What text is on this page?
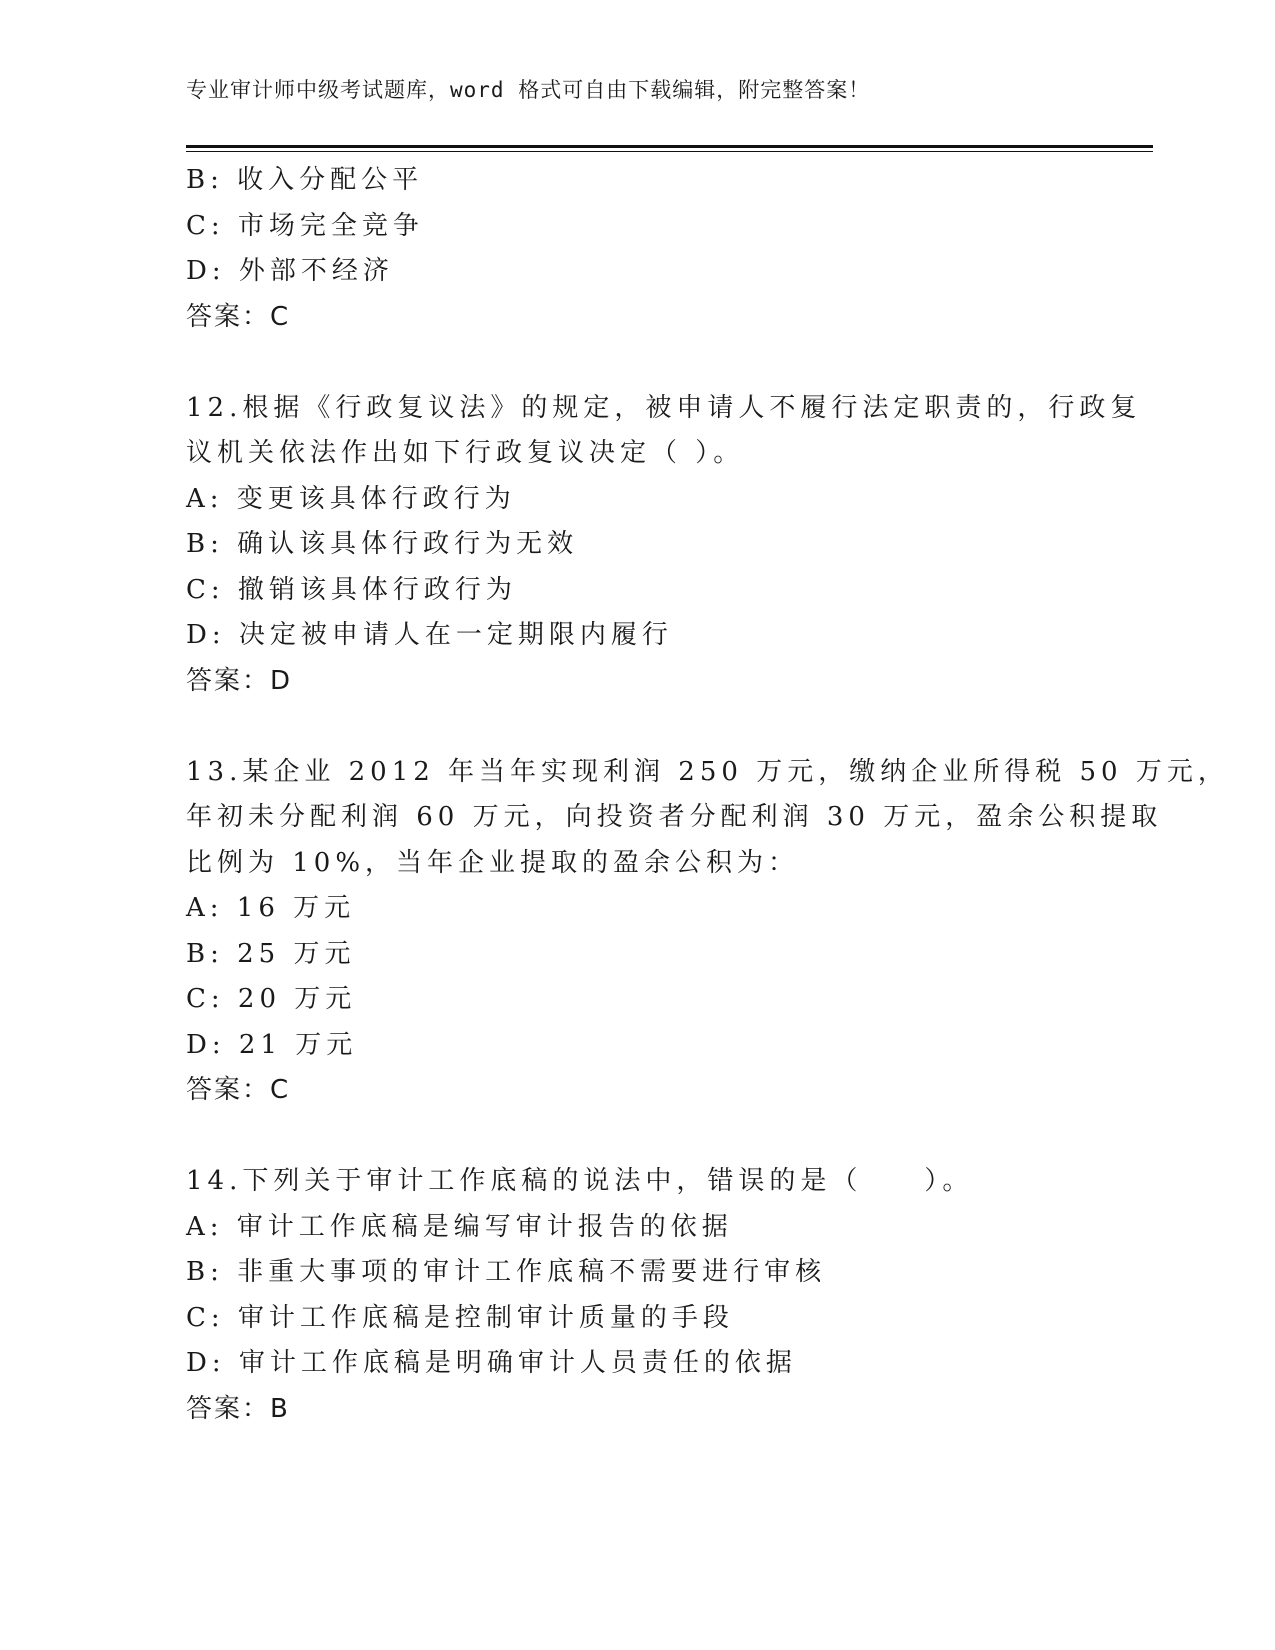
专业审计师中级考试题库，word 格式可自由下载编辑，附完整答案！
B: 收入分配公平
C: 市场完全竞争
D: 外部不经济
答案：C
12.根据《行政复议法》的规定，被申请人不履行法定职责的，行政复
议机关依法作出如下行政复议决定（ ）。
A: 变更该具体行政行为
B: 确认该具体行政行为无效
C: 撤销该具体行政行为
D: 决定被申请人在一定期限内履行
答案：D
13.某企业 2012 年当年实现利润 250 万元，缴纳企业所得税 50 万元，
年初未分配利润 60 万元，向投资者分配利润 30 万元，盈余公积提取
比例为 10%，当年企业提取的盈余公积为：
A: 16 万元
B: 25 万元
C: 20 万元
D: 21 万元
答案：C
14.下列关于审计工作底稿的说法中，错误的是（　　）。
A: 审计工作底稿是编写审计报告的依据
B: 非重大事项的审计工作底稿不需要进行审核
C: 审计工作底稿是控制审计质量的手段
D: 审计工作底稿是明确审计人员责任的依据
答案：B
